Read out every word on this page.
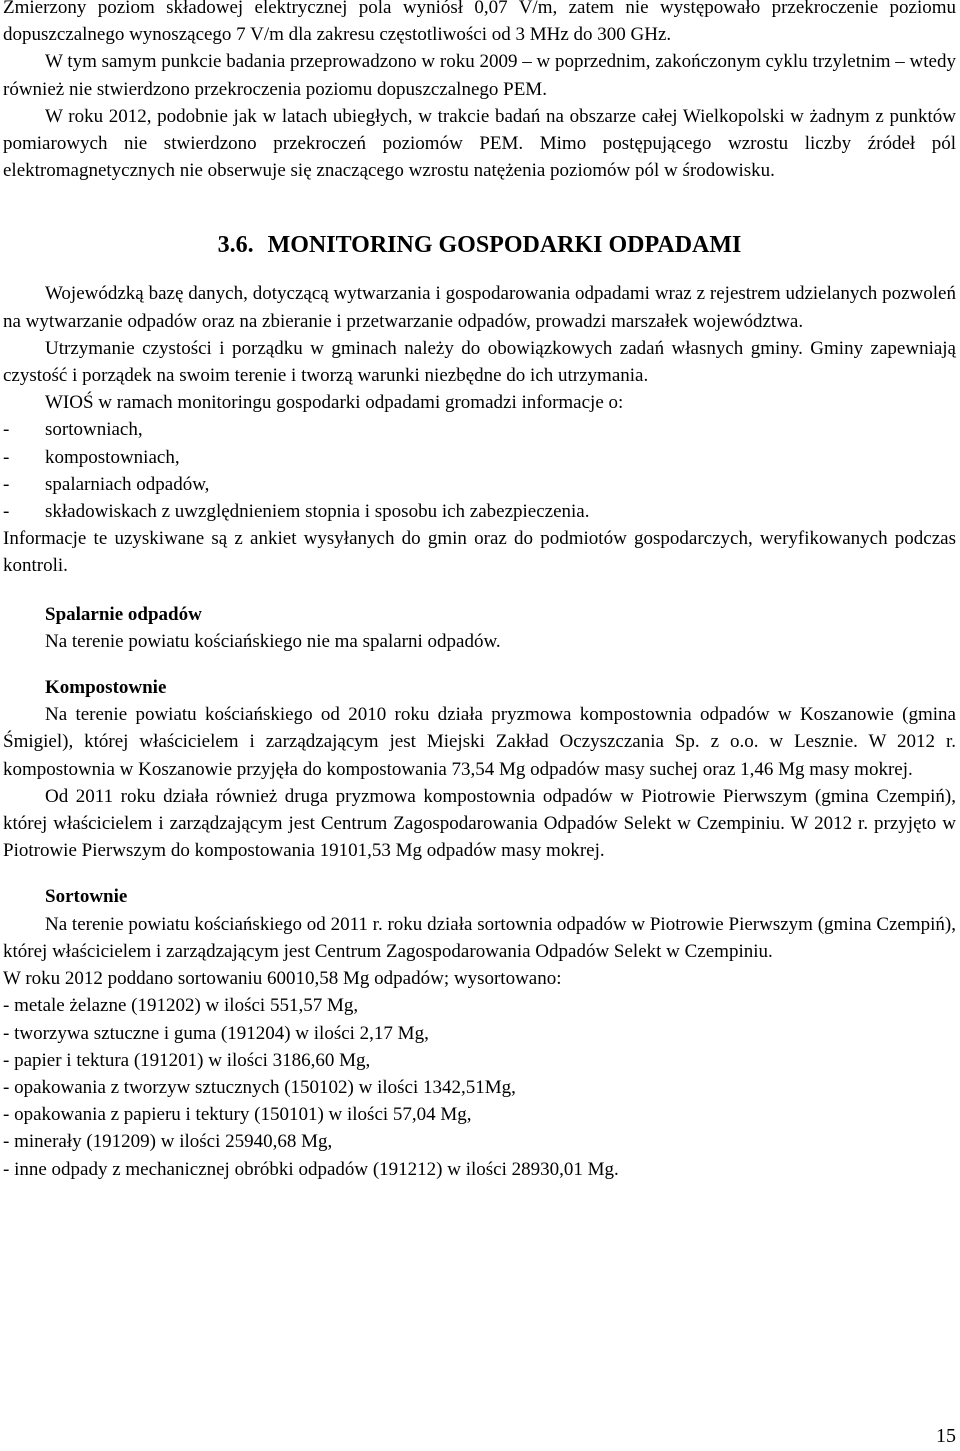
Zmierzony poziom składowej elektrycznej pola wyniósł 0,07 V/m, zatem nie występowało przekroczenie poziomu dopuszczalnego wynoszącego 7 V/m dla zakresu częstotliwości od 3 MHz do 300 GHz.

W tym samym punkcie badania przeprowadzono w roku 2009 – w poprzednim, zakończonym cyklu trzyletnim – wtedy również nie stwierdzono przekroczenia poziomu dopuszczalnego PEM.

W roku 2012, podobnie jak w latach ubiegłych, w trakcie badań na obszarze całej Wielkopolski w żadnym z punktów pomiarowych nie stwierdzono przekroczeń poziomów PEM. Mimo postępującego wzrostu liczby źródeł pól elektromagnetycznych nie obserwuje się znaczącego wzrostu natężenia poziomów pól w środowisku.

3.6. MONITORING GOSPODARKI ODPADAMI

Wojewódzką bazę danych, dotyczącą wytwarzania i gospodarowania odpadami wraz z rejestrem udzielanych pozwoleń na wytwarzanie odpadów oraz na zbieranie i przetwarzanie odpadów, prowadzi marszałek województwa.

Utrzymanie czystości i porządku w gminach należy do obowiązkowych zadań własnych gminy. Gminy zapewniają czystość i porządek na swoim terenie i tworzą warunki niezbędne do ich utrzymania.

WIOŚ w ramach monitoringu gospodarki odpadami gromadzi informacje o:

-	sortowniach,
-	kompostowniach,
-	spalarniach odpadów,
-	składowiskach z uwzględnieniem stopnia i sposobu ich zabezpieczenia.

Informacje te uzyskiwane są z ankiet wysyłanych do gmin oraz do podmiotów gospodarczych, weryfikowanych podczas kontroli.

Spalarnie odpadów

Na terenie powiatu kościańskiego nie ma spalarni odpadów.

Kompostownie

Na terenie powiatu kościańskiego od 2010 roku działa pryzmowa kompostownia odpadów w Koszanowie (gmina Śmigiel), której właścicielem i zarządzającym jest Miejski Zakład Oczyszczania Sp. z o.o. w Lesznie. W 2012 r. kompostownia w Koszanowie przyjęła do kompostowania 73,54 Mg odpadów masy suchej oraz 1,46 Mg masy mokrej.

Od 2011 roku działa również druga pryzmowa kompostownia odpadów w Piotrowie Pierwszym (gmina Czempiń), której właścicielem i zarządzającym jest Centrum Zagospodarowania Odpadów Selekt w Czempiniu. W 2012 r. przyjęto w Piotrowie Pierwszym do kompostowania 19101,53 Mg odpadów masy mokrej.

Sortownie

Na terenie powiatu kościańskiego od 2011 r. roku działa sortownia odpadów w Piotrowie Pierwszym (gmina Czempiń), której właścicielem i zarządzającym jest Centrum Zagospodarowania Odpadów Selekt w Czempiniu.

W roku 2012 poddano sortowaniu 60010,58 Mg odpadów; wysortowano:

- metale żelazne (191202) w ilości 551,57 Mg,
- tworzywa sztuczne i guma (191204) w ilości 2,17 Mg,
- papier i tektura (191201) w ilości 3186,60 Mg,
- opakowania z tworzyw sztucznych (150102) w ilości 1342,51Mg,
- opakowania z papieru i tektury (150101) w ilości 57,04 Mg,
- minerały (191209) w ilości 25940,68 Mg,
- inne odpady z mechanicznej obróbki odpadów (191212) w ilości 28930,01 Mg.
15
